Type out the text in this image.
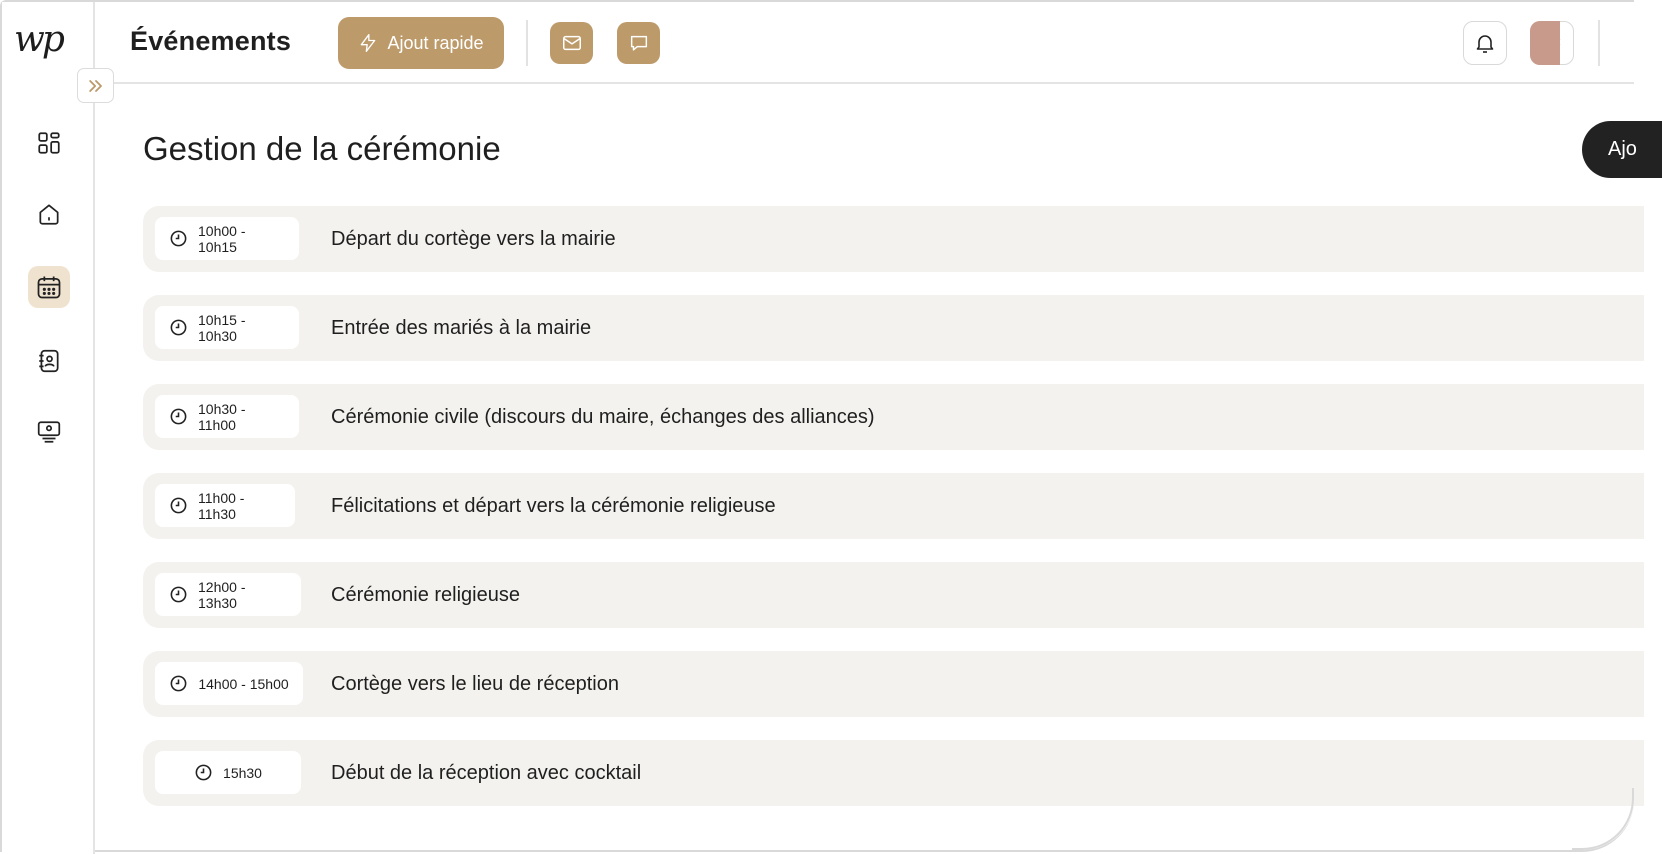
wp	Événements	Ajout rapide
Gestion de la cérémonie	Ajo
10h00 - 10h15	Départ du cortège vers la mairie
10h15 - 10h30	Entrée des mariés à la mairie
10h30 - 11h00	Cérémonie civile (discours du maire, échanges des alliances)
11h00 - 11h30	Félicitations et départ vers la cérémonie religieuse
12h00 - 13h30	Cérémonie religieuse
14h00 - 15h00 Cortège vers le lieu de réception
15h30	Début de la réception avec cocktail
